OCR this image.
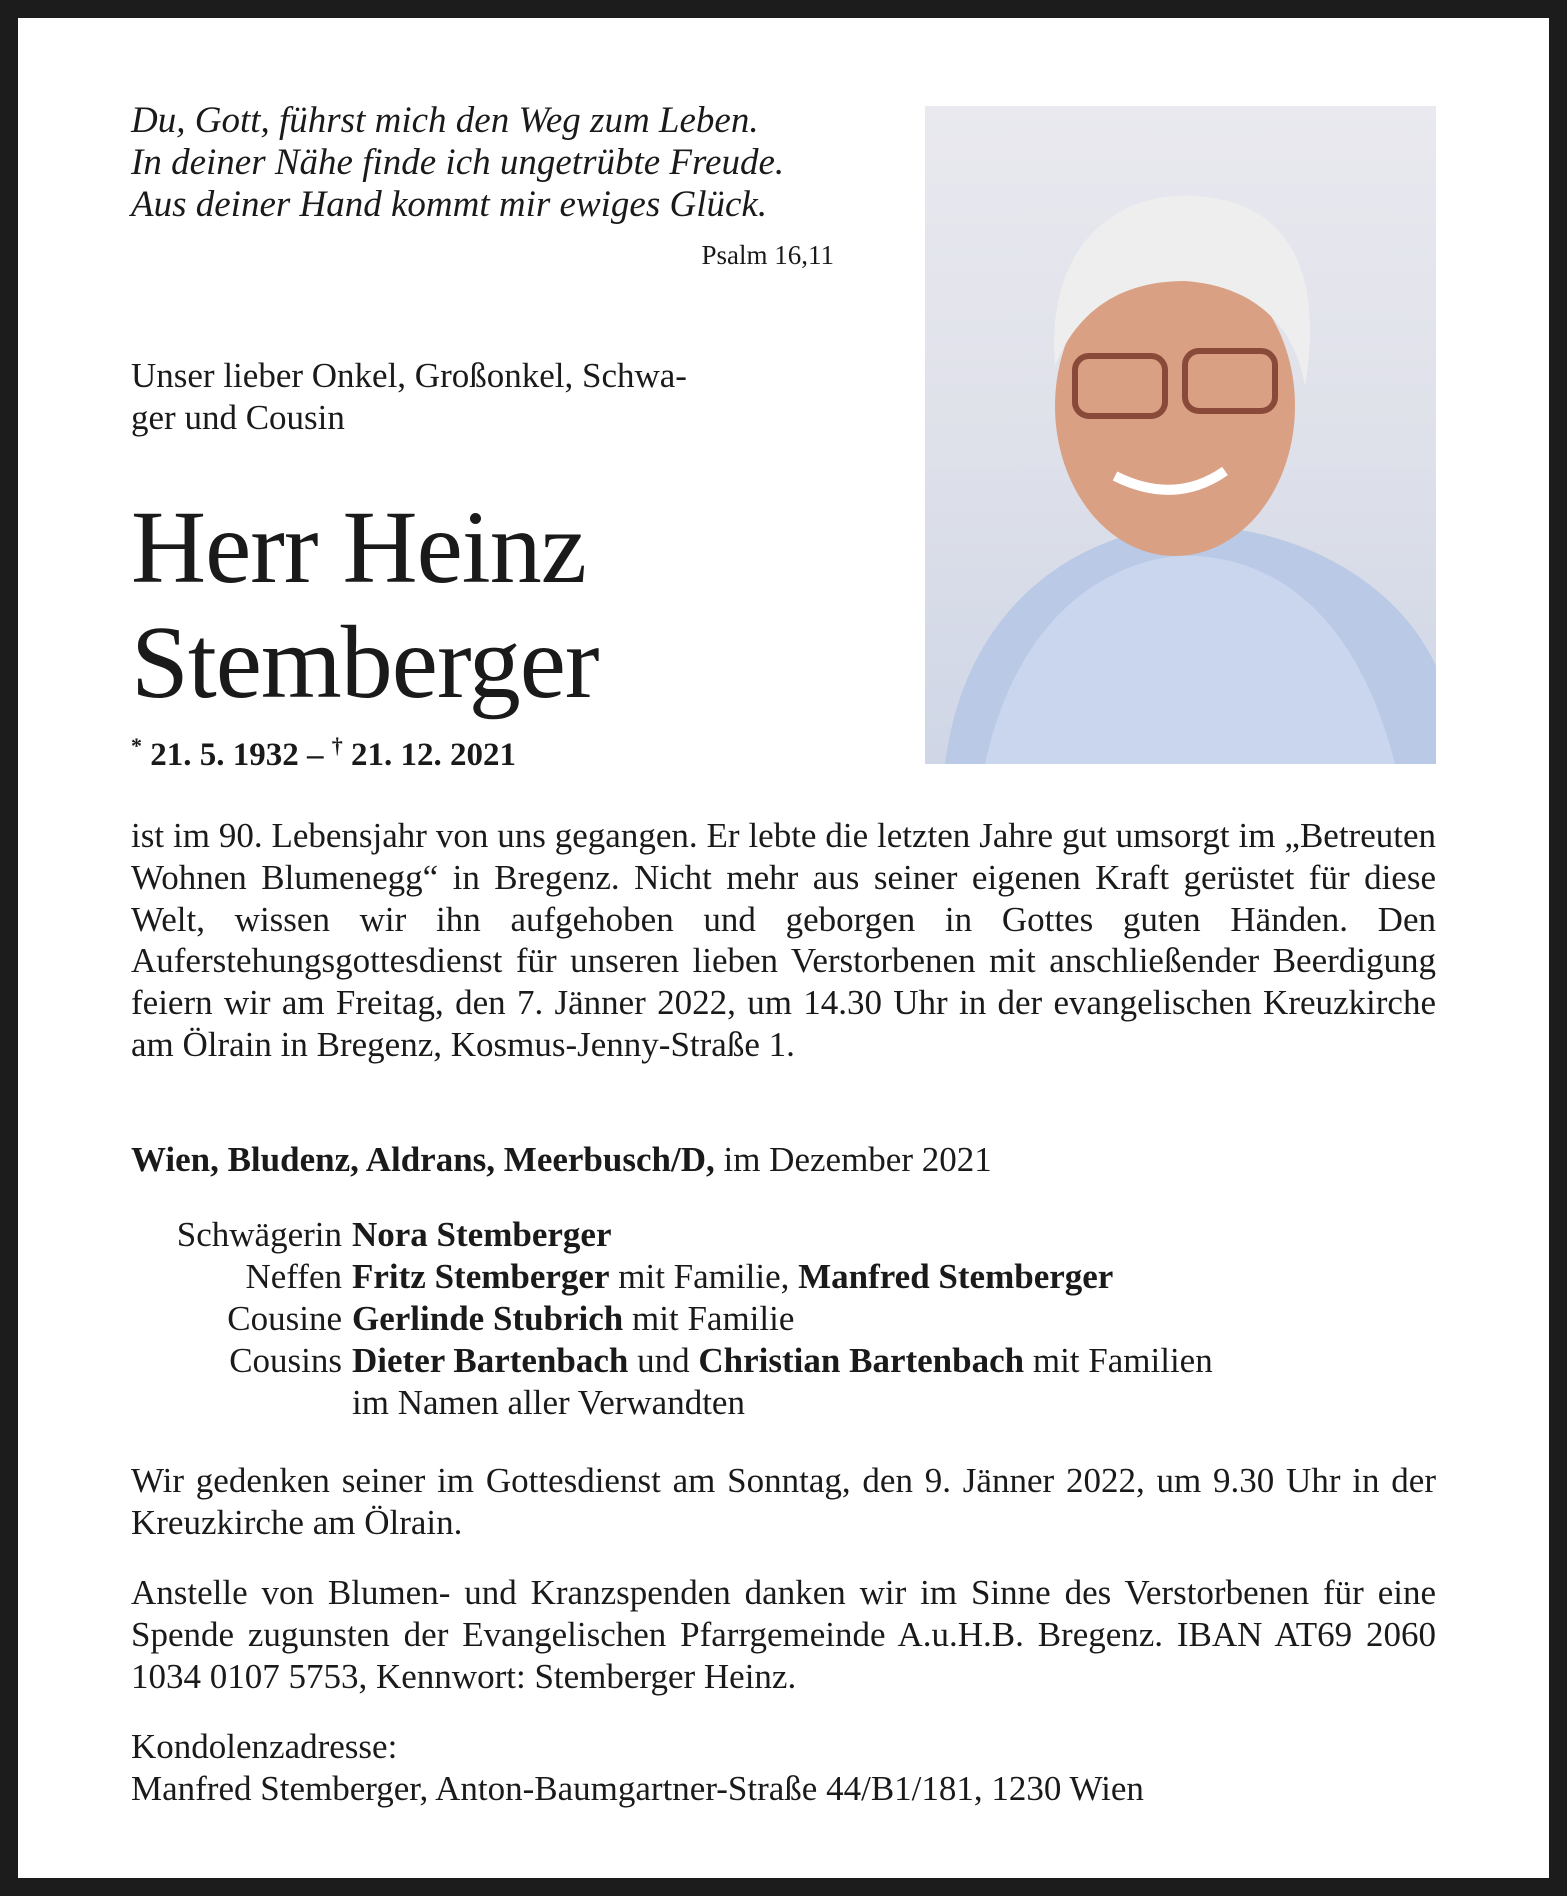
Du, Gott, führst mich den Weg zum Leben.
In deiner Nähe finde ich ungetrübte Freude.
Aus deiner Hand kommt mir ewiges Glück.
Psalm 16,11
Unser lieber Onkel, Großonkel, Schwa-
ger und Cousin
Herr Heinz
Stemberger
* 21. 5. 1932 – † 21. 12. 2021
ist im 90. Lebensjahr von uns gegangen. Er lebte die letzten Jahre gut umsorgt im „Betreuten Wohnen Blumenegg“ in Bregenz. Nicht mehr aus seiner eigenen Kraft gerüstet für diese Welt, wissen wir ihn aufgehoben und geborgen in Gottes guten Händen. Den Auferstehungsgottesdienst für unseren lieben Verstorbenen mit anschließender Beerdigung feiern wir am Freitag, den 7. Jänner 2022, um 14.30 Uhr in der evangelischen Kreuzkirche am Ölrain in Bregenz, Kosmus-Jenny-Straße 1.
Wien, Bludenz, Aldrans, Meerbusch/D, im Dezember 2021
Schwägerin Nora Stemberger
Neffen Fritz Stemberger mit Familie, Manfred Stemberger
Cousine Gerlinde Stubrich mit Familie
Cousins Dieter Bartenbach und Christian Bartenbach mit Familien
im Namen aller Verwandten
Wir gedenken seiner im Gottesdienst am Sonntag, den 9. Jänner 2022, um 9.30 Uhr in der Kreuzkirche am Ölrain.
Anstelle von Blumen- und Kranzspenden danken wir im Sinne des Verstorbenen für eine Spende zugunsten der Evangelischen Pfarrgemeinde A.u.H.B. Bregenz. IBAN AT69 2060 1034 0107 5753, Kennwort: Stemberger Heinz.
Kondolenzadresse:
Manfred Stemberger, Anton-Baumgartner-Straße 44/B1/181, 1230 Wien
